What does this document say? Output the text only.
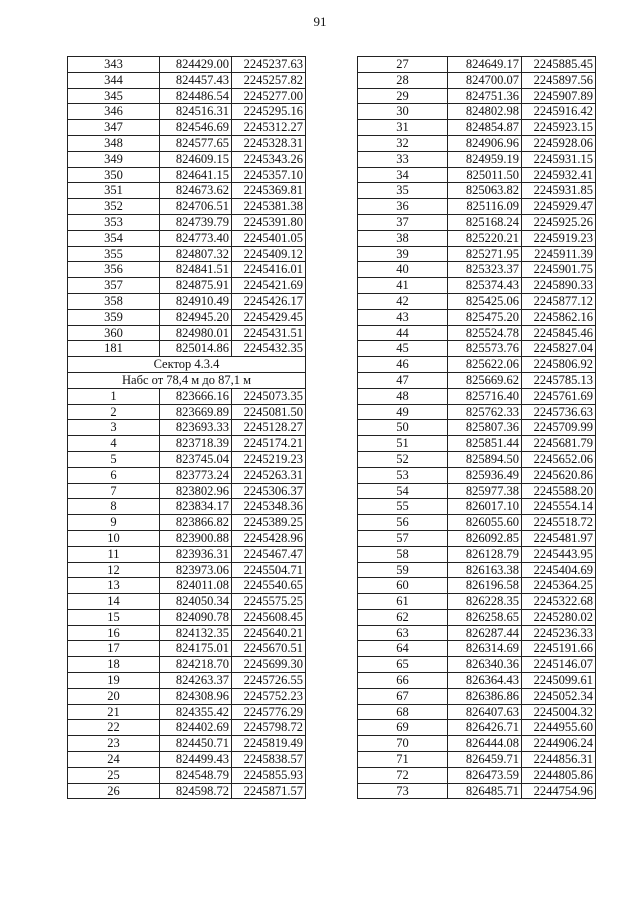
91
343	824429.00	2245237.63
344	824457.43	2245257.82
345	824486.54	2245277.00
346	824516.31	2245295.16
347	824546.69	2245312.27
348	824577.65	2245328.31
349	824609.15	2245343.26
350	824641.15	2245357.10
351	824673.62	2245369.81
352	824706.51	2245381.38
353	824739.79	2245391.80
354	824773.40	2245401.05
355	824807.32	2245409.12
356	824841.51	2245416.01
357	824875.91	2245421.69
358	824910.49	2245426.17
359	824945.20	2245429.45
360	824980.01	2245431.51
181	825014.86	2245432.35
Сектор 4.3.4		
Набс от 78,4 м до 87,1 м		
1	823666.16	2245073.35
2	823669.89	2245081.50
3	823693.33	2245128.27
4	823718.39	2245174.21
5	823745.04	2245219.23
6	823773.24	2245263.31
7	823802.96	2245306.37
8	823834.17	2245348.36
9	823866.82	2245389.25
10	823900.88	2245428.96
11	823936.31	2245467.47
12	823973.06	2245504.71
13	824011.08	2245540.65
14	824050.34	2245575.25
15	824090.78	2245608.45
16	824132.35	2245640.21
17	824175.01	2245670.51
18	824218.70	2245699.30
19	824263.37	2245726.55
20	824308.96	2245752.23
21	824355.42	2245776.29
22	824402.69	2245798.72
23	824450.71	2245819.49
24	824499.43	2245838.57
25	824548.79	2245855.93
26	824598.72	2245871.57
27	824649.17	2245885.45
28	824700.07	2245897.56
29	824751.36	2245907.89
30	824802.98	2245916.42
31	824854.87	2245923.15
32	824906.96	2245928.06
33	824959.19	2245931.15
34	825011.50	2245932.41
35	825063.82	2245931.85
36	825116.09	2245929.47
37	825168.24	2245925.26
38	825220.21	2245919.23
39	825271.95	2245911.39
40	825323.37	2245901.75
41	825374.43	2245890.33
42	825425.06	2245877.12
43	825475.20	2245862.16
44	825524.78	2245845.46
45	825573.76	2245827.04
46	825622.06	2245806.92
47	825669.62	2245785.13
48	825716.40	2245761.69
49	825762.33	2245736.63
50	825807.36	2245709.99
51	825851.44	2245681.79
52	825894.50	2245652.06
53	825936.49	2245620.86
54	825977.38	2245588.20
55	826017.10	2245554.14
56	826055.60	2245518.72
57	826092.85	2245481.97
58	826128.79	2245443.95
59	826163.38	2245404.69
60	826196.58	2245364.25
61	826228.35	2245322.68
62	826258.65	2245280.02
63	826287.44	2245236.33
64	826314.69	2245191.66
65	826340.36	2245146.07
66	826364.43	2245099.61
67	826386.86	2245052.34
68	826407.63	2245004.32
69	826426.71	2244955.60
70	826444.08	2244906.24
71	826459.71	2244856.31
72	826473.59	2244805.86
73	826485.71	2244754.96
